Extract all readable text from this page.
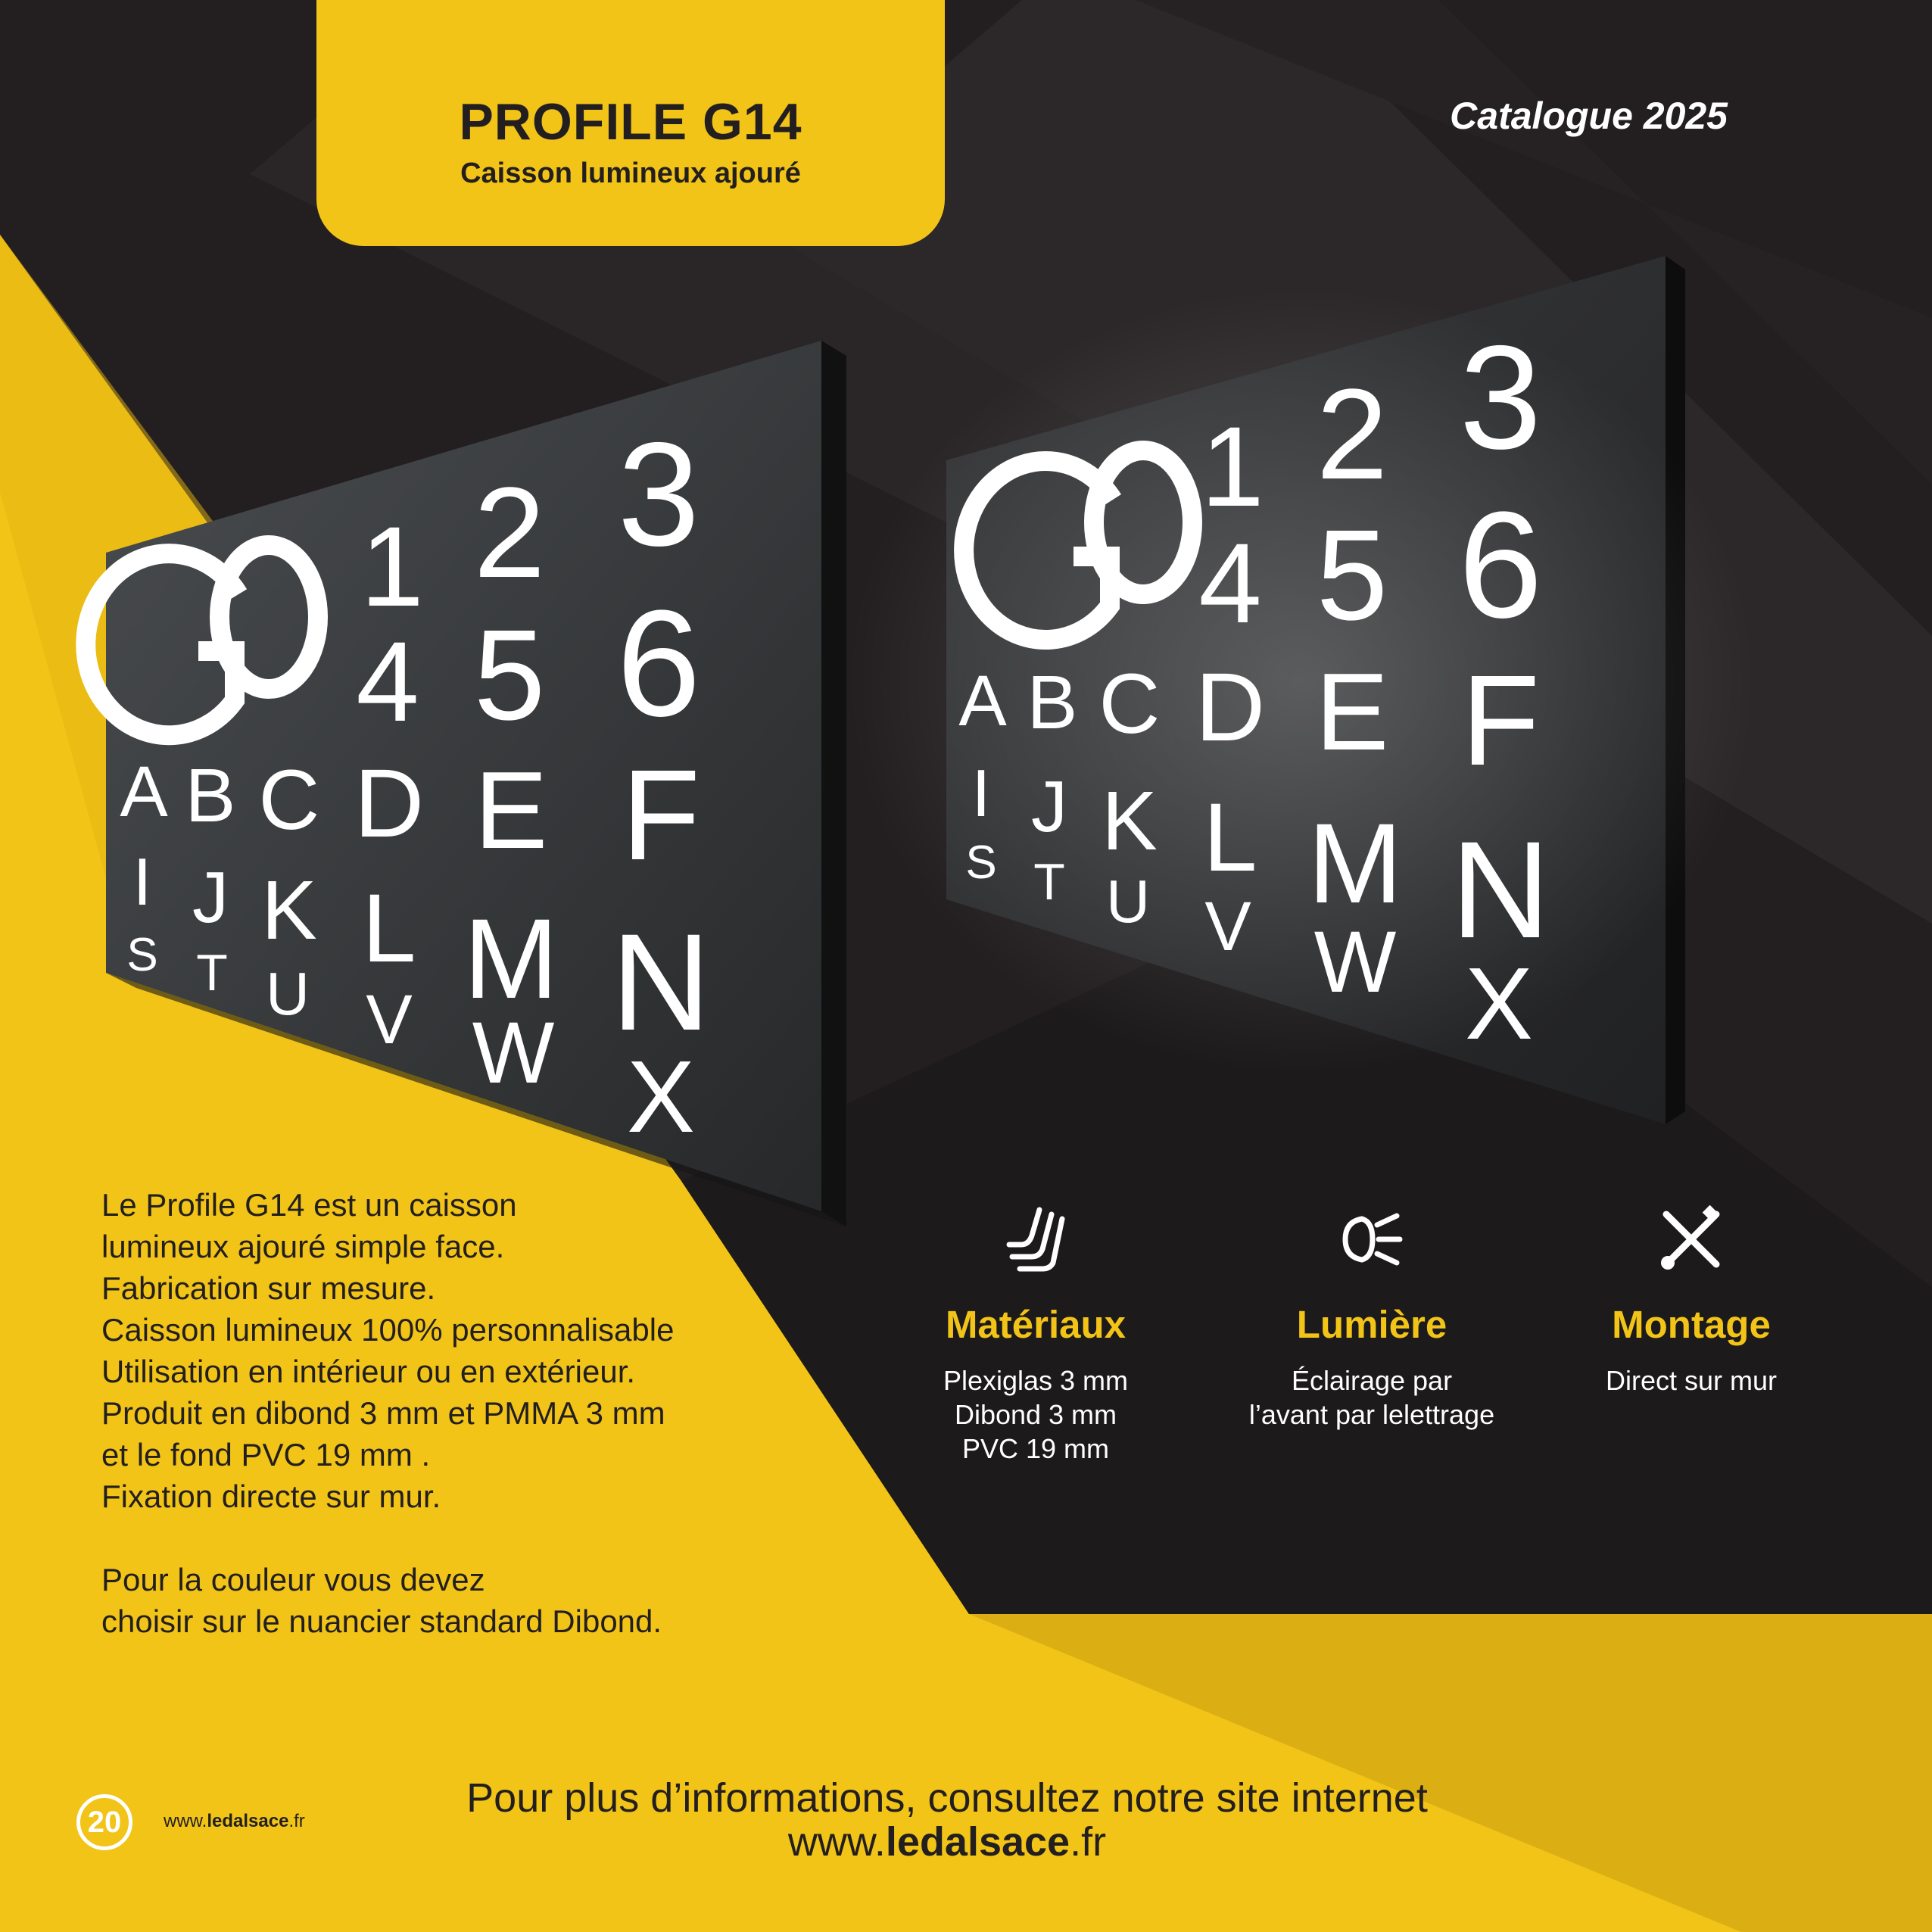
1 2 3
4 5 6
A B C D E F
I J K L M N
S T U V W X
1 2 3
4 5 6
A B C D E F
I J K L M N
S T U V W X
PROFILE G14
Caisson lumineux ajouré
Catalogue 2025
Le Profile G14 est un caisson
lumineux ajouré simple face.
Fabrication sur mesure.
Caisson lumineux 100% personnalisable
Utilisation en intérieur ou en extérieur.
Produit en dibond 3 mm et PMMA 3 mm
et le fond PVC 19 mm .
Fixation directe sur mur.
Pour la couleur vous devez
choisir sur le nuancier standard Dibond.
Matériaux
Plexiglas 3 mm
Dibond 3 mm
PVC 19 mm
Lumière
Éclairage par
l’avant par lelettrage
Montage
Direct sur mur
20	www.ledalsace.fr
Pour plus d’informations, consultez notre site internet
www.ledalsace.fr
